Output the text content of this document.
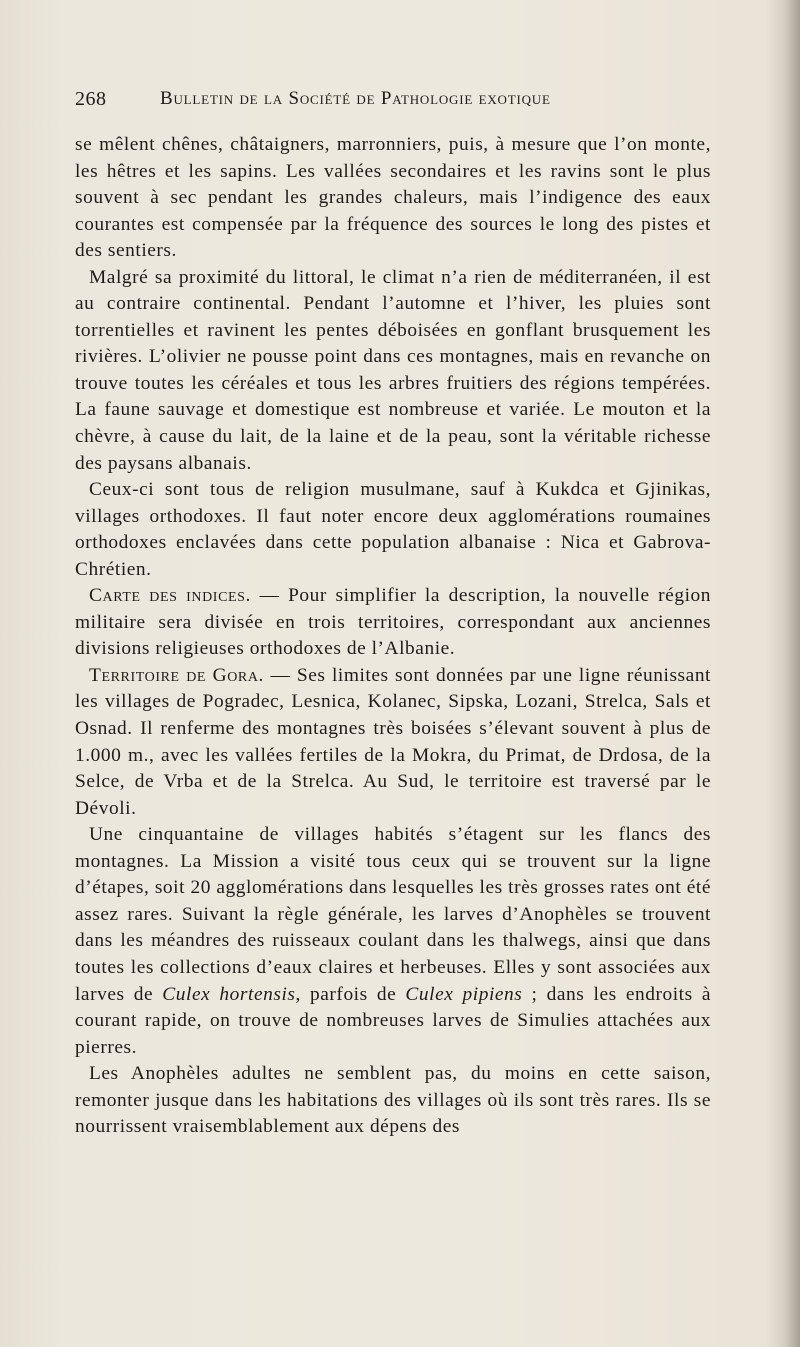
268	Bulletin de la Société de Pathologie exotique

se mêlent chênes, châtaigners, marronniers, puis, à mesure que l’on monte, les hêtres et les sapins. Les vallées secondaires et les ravins sont le plus souvent à sec pendant les grandes chaleurs, mais l’indigence des eaux courantes est compensée par la fréquence des sources le long des pistes et des sentiers.

Malgré sa proximité du littoral, le climat n’a rien de méditerranéen, il est au contraire continental. Pendant l’automne et l’hiver, les pluies sont torrentielles et ravinent les pentes déboisées en gonflant brusquement les rivières. L’olivier ne pousse point dans ces montagnes, mais en revanche on trouve toutes les céréales et tous les arbres fruitiers des régions tempérées. La faune sauvage et domestique est nombreuse et variée. Le mouton et la chèvre, à cause du lait, de la laine et de la peau, sont la véritable richesse des paysans albanais.

Ceux-ci sont tous de religion musulmane, sauf à Kukdca et Gjinikas, villages orthodoxes. Il faut noter encore deux agglomérations roumaines orthodoxes enclavées dans cette population albanaise : Nica et Gabrova-Chrétien.

Carte des indices. — Pour simplifier la description, la nouvelle région militaire sera divisée en trois territoires, correspondant aux anciennes divisions religieuses orthodoxes de l’Albanie.

Territoire de Gora. — Ses limites sont données par une ligne réunissant les villages de Pogradec, Lesnica, Kolanec, Sipska, Lozani, Strelca, Sals et Osnad. Il renferme des montagnes très boisées s’élevant souvent à plus de 1.000 m., avec les vallées fertiles de la Mokra, du Primat, de Drdosa, de la Selce, de Vrba et de la Strelca. Au Sud, le territoire est traversé par le Dévoli.

Une cinquantaine de villages habités s’étagent sur les flancs des montagnes. La Mission a visité tous ceux qui se trouvent sur la ligne d’étapes, soit 20 agglomérations dans lesquelles les très grosses rates ont été assez rares. Suivant la règle générale, les larves d’Anophèles se trouvent dans les méandres des ruisseaux coulant dans les thalwegs, ainsi que dans toutes les collections d’eaux claires et herbeuses. Elles y sont associées aux larves de Culex hortensis, parfois de Culex pipiens ; dans les endroits à courant rapide, on trouve de nombreuses larves de Simulies attachées aux pierres.

Les Anophèles adultes ne semblent pas, du moins en cette saison, remonter jusque dans les habitations des villages où ils sont très rares. Ils se nourrissent vraisemblablement aux dépens des
